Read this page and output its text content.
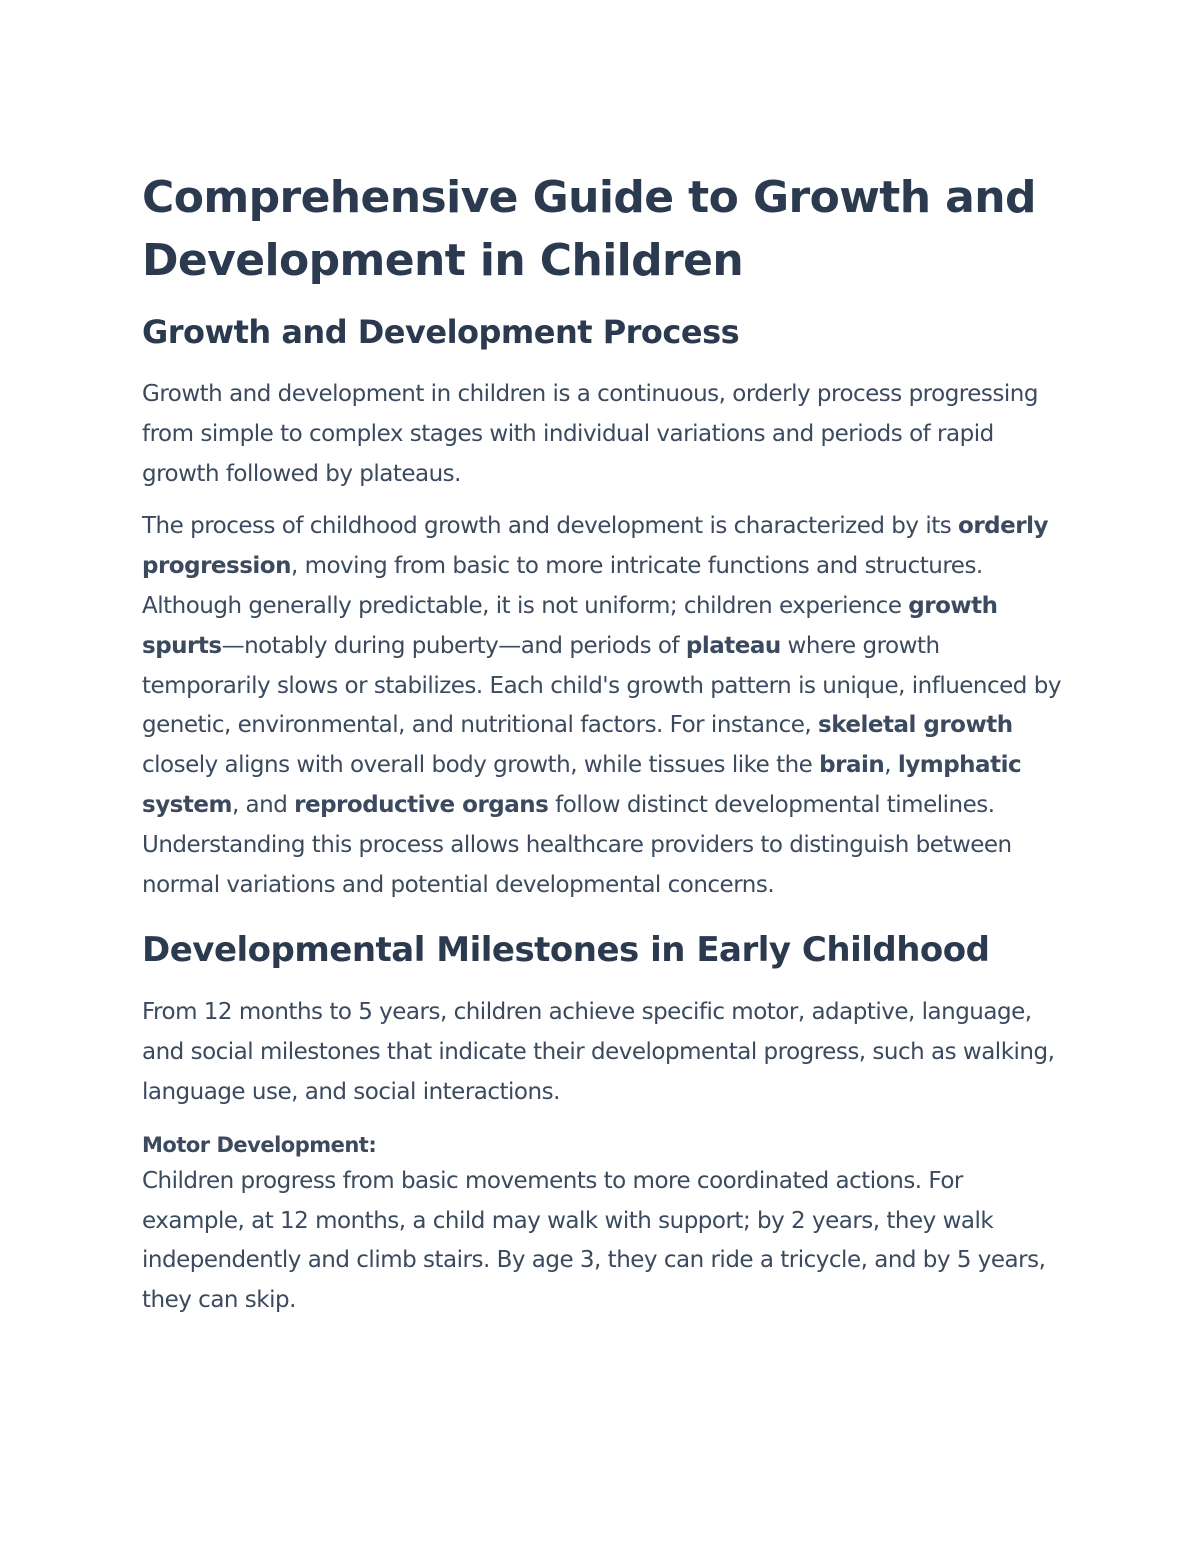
Comprehensive Guide to Growth and Development in Children
Growth and Development Process

Growth and development in children is a continuous, orderly process progressing from simple to complex stages with individual variations and periods of rapid growth followed by plateaus.

The process of childhood growth and development is characterized by its orderly progression, moving from basic to more intricate functions and structures. Although generally predictable, it is not uniform; children experience growth spurts—notably during puberty—and periods of plateau where growth temporarily slows or stabilizes. Each child's growth pattern is unique, influenced by genetic, environmental, and nutritional factors. For instance, skeletal growth closely aligns with overall body growth, while tissues like the brain, lymphatic system, and reproductive organs follow distinct developmental timelines. Understanding this process allows healthcare providers to distinguish between normal variations and potential developmental concerns.

Developmental Milestones in Early Childhood

From 12 months to 5 years, children achieve specific motor, adaptive, language, and social milestones that indicate their developmental progress, such as walking, language use, and social interactions.

Motor Development:

Children progress from basic movements to more coordinated actions. For example, at 12 months, a child may walk with support; by 2 years, they walk independently and climb stairs. By age 3, they can ride a tricycle, and by 5 years, they can skip.
